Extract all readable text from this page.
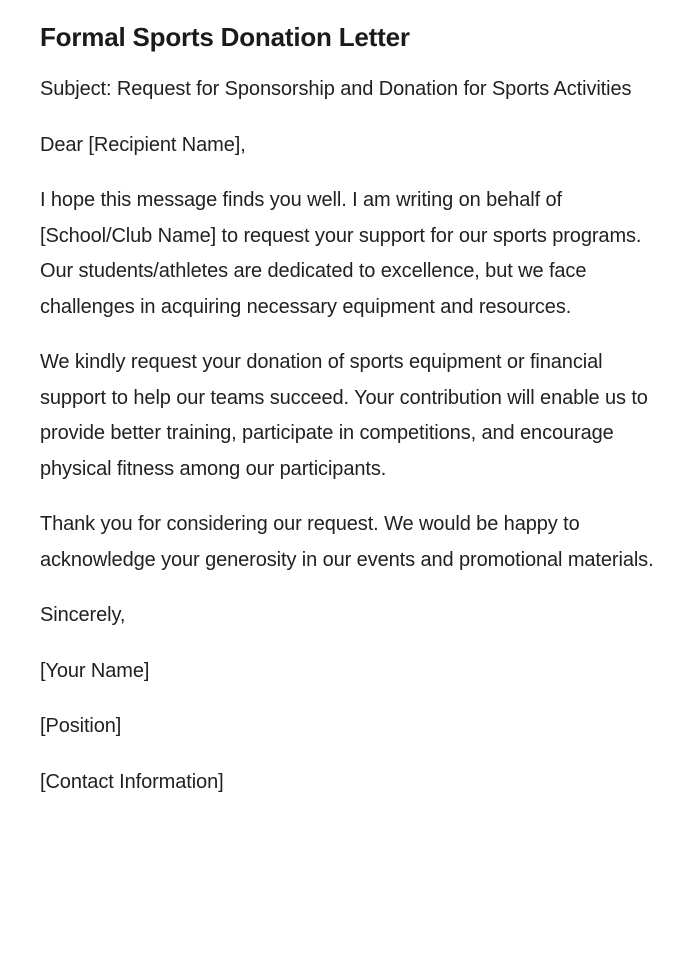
Formal Sports Donation Letter

Subject: Request for Sponsorship and Donation for Sports Activities

Dear [Recipient Name],

I hope this message finds you well. I am writing on behalf of [School/Club Name] to request your support for our sports programs. Our students/athletes are dedicated to excellence, but we face challenges in acquiring necessary equipment and resources.

We kindly request your donation of sports equipment or financial support to help our teams succeed. Your contribution will enable us to provide better training, participate in competitions, and encourage physical fitness among our participants.

Thank you for considering our request. We would be happy to acknowledge your generosity in our events and promotional materials.

Sincerely,

[Your Name]

[Position]

[Contact Information]
